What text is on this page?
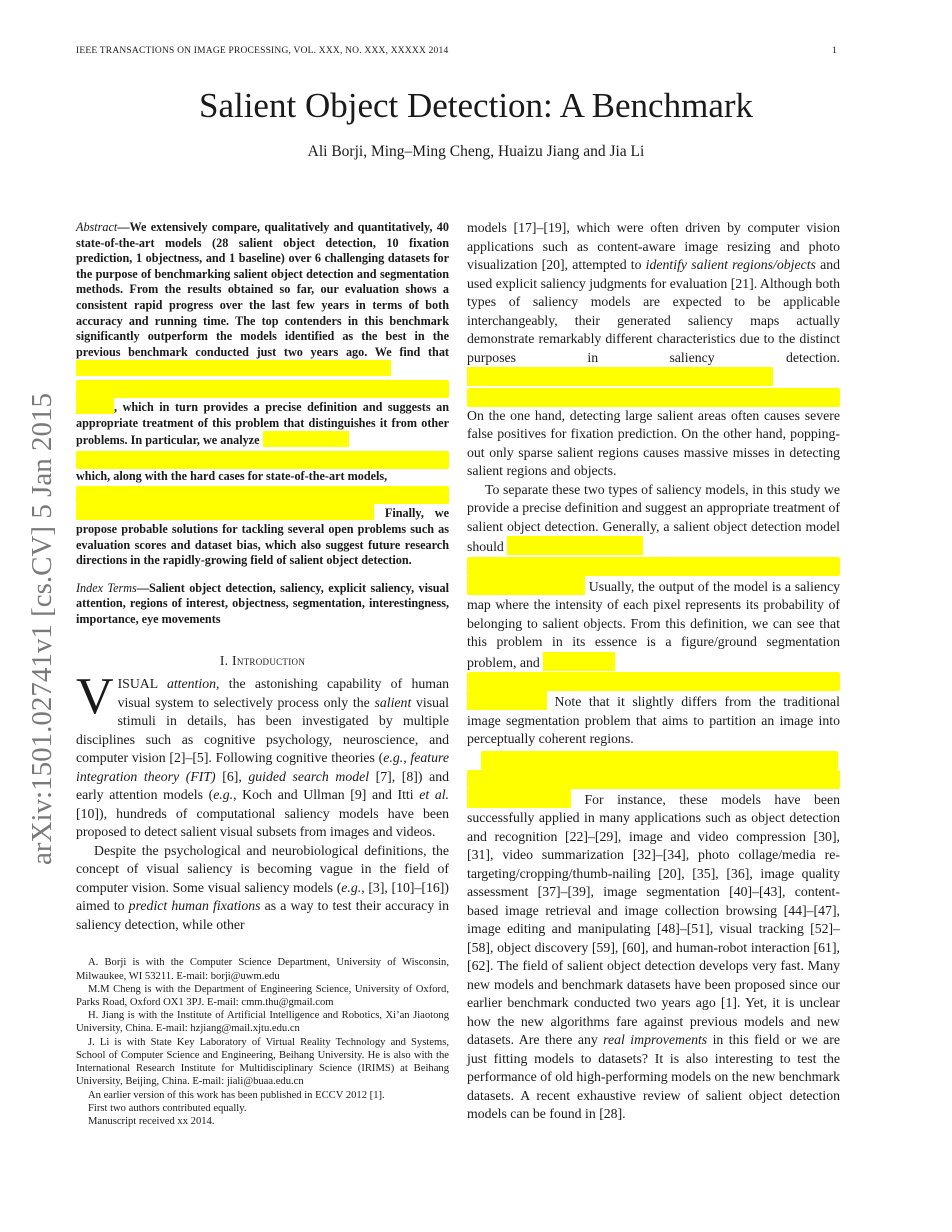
IEEE TRANSACTIONS ON IMAGE PROCESSING, VOL. XXX, NO. XXX, XXXXX 2014	1
Salient Object Detection: A Benchmark
Ali Borji, Ming–Ming Cheng, Huaizu Jiang and Jia Li
arXiv:1501.02741v1 [cs.CV] 5 Jan 2015

Abstract—We extensively compare, qualitatively and quantitatively, 40 state-of-the-art models (28 salient object detection, 10 fixation prediction, 1 objectness, and 1 baseline) over 6 challenging datasets for the purpose of benchmarking salient object detection and segmentation methods. From the results obtained so far, our evaluation shows a consistent rapid progress over the last few years in terms of both accuracy and running time. The top contenders in this benchmark significantly outperform the models identified as the best in the previous benchmark conducted just two years ago. We find that
, which in turn provides a precise definition and suggests an appropriate treatment of this problem that distinguishes it from other problems. In particular, we analyze
which, along with the hard cases for state-of-the-art models,
Finally, we propose probable solutions for tackling several open problems such as evaluation scores and dataset bias, which also suggest future research directions in the rapidly-growing field of salient object detection.

Index Terms—Salient object detection, saliency, explicit saliency, visual attention, regions of interest, objectness, segmentation, interestingness, importance, eye movements

I. Introduction

VISUAL attention, the astonishing capability of human visual system to selectively process only the salient visual stimuli in details, has been investigated by multiple disciplines such as cognitive psychology, neuroscience, and computer vision [2]–[5]. Following cognitive theories (e.g., feature integration theory (FIT) [6], guided search model [7], [8]) and early attention models (e.g., Koch and Ullman [9] and Itti et al. [10]), hundreds of computational saliency models have been proposed to detect salient visual subsets from images and videos.

Despite the psychological and neurobiological definitions, the concept of visual saliency is becoming vague in the field of computer vision. Some visual saliency models (e.g., [3], [10]–[16]) aimed to predict human fixations as a way to test their accuracy in saliency detection, while other

A. Borji is with the Computer Science Department, University of Wisconsin, Milwaukee, WI 53211. E-mail: borji@uwm.edu

M.M Cheng is with the Department of Engineering Science, University of Oxford, Parks Road, Oxford OX1 3PJ. E-mail: cmm.thu@gmail.com

H. Jiang is with the Institute of Artificial Intelligence and Robotics, Xi’an Jiaotong University, China. E-mail: hzjiang@mail.xjtu.edu.cn

J. Li is with State Key Laboratory of Virtual Reality Technology and Systems, School of Computer Science and Engineering, Beihang University. He is also with the International Research Institute for Multidisciplinary Science (IRIMS) at Beihang University, Beijing, China. E-mail: jiali@buaa.edu.cn

An earlier version of this work has been published in ECCV 2012 [1].

First two authors contributed equally.

Manuscript received xx 2014.

models [17]–[19], which were often driven by computer vision applications such as content-aware image resizing and photo visualization [20], attempted to identify salient regions/objects and used explicit saliency judgments for evaluation [21]. Although both types of saliency models are expected to be applicable interchangeably, their generated saliency maps actually demonstrate remarkably different characteristics due to the distinct purposes in saliency detection.

On the one hand, detecting large salient areas often causes severe false positives for fixation prediction. On the other hand, popping-out only sparse salient regions causes massive misses in detecting salient regions and objects.

To separate these two types of saliency models, in this study we provide a precise definition and suggest an appropriate treatment of salient object detection. Generally, a salient object detection model should
Usually, the output of the model is a saliency map where the intensity of each pixel represents its probability of belonging to salient objects. From this definition, we can see that this problem in its essence is a figure/ground segmentation problem, and
Note that it slightly differs from the traditional image segmentation problem that aims to partition an image into perceptually coherent regions.

For instance, these models have been successfully applied in many applications such as object detection and recognition [22]–[29], image and video compression [30], [31], video summarization [32]–[34], photo collage/media re-targeting/cropping/thumb-nailing [20], [35], [36], image quality assessment [37]–[39], image segmentation [40]–[43], content-based image retrieval and image collection browsing [44]–[47], image editing and manipulating [48]–[51], visual tracking [52]–[58], object discovery [59], [60], and human-robot interaction [61], [62]. The field of salient object detection develops very fast. Many new models and benchmark datasets have been proposed since our earlier benchmark conducted two years ago [1]. Yet, it is unclear how the new algorithms fare against previous models and new datasets. Are there any real improvements in this field or we are just fitting models to datasets? It is also interesting to test the performance of old high-performing models on the new benchmark datasets. A recent exhaustive review of salient object detection models can be found in [28].
